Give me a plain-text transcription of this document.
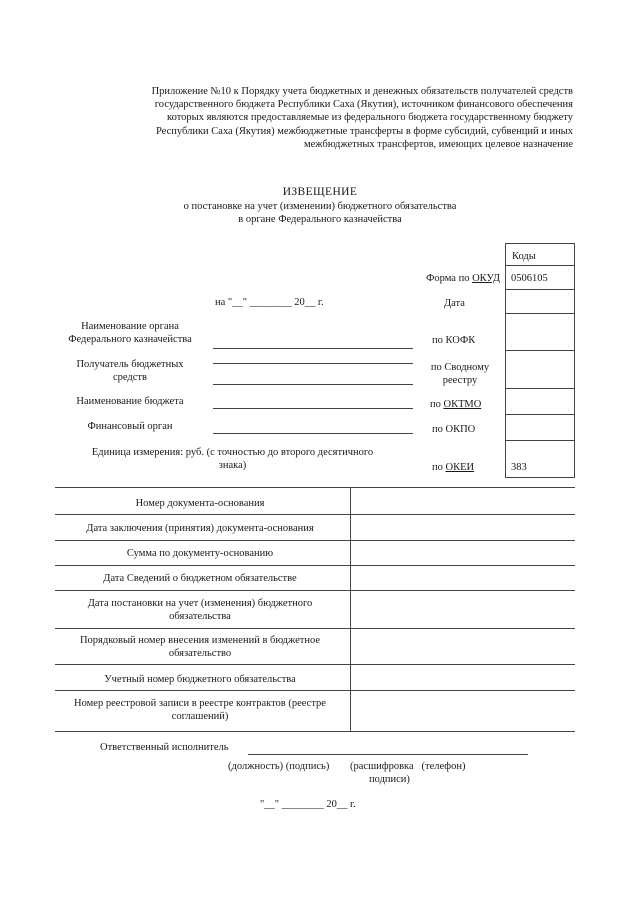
Приложение №10 к Порядку учета бюджетных и денежных обязательств получателей средств
государственного бюджета Республики Саха (Якутия), источником финансового обеспечения
которых являются предоставляемые из федерального бюджета государственному бюджету
Республики Саха (Якутия) межбюджетные трансферты в форме субсидий, субвенций и иных
межбюджетных трансфертов, имеющих целевое назначение
ИЗВЕЩЕНИЕ
о постановке на учет (изменении) бюджетного обязательства
в органе Федерального казначейства
Коды
Форма по ОКУД 0506105
на "__" ________ 20__ г.	Дата
по КОФК
по Сводному
реестру
по ОКТМО
по ОКПО
по ОКЕИ	383
Наименование органа
Федерального казначейства
Получатель бюджетных
средств
Наименование бюджета
Финансовый орган
Единица измерения: руб. (с точностью до второго десятичного
знака)
Номер документа-основания
Дата заключения (принятия) документа-основания
Сумма по документу-основанию
Дата Сведений о бюджетном обязательстве
Дата постановки на учет (изменения) бюджетного
обязательства
Порядковый номер внесения изменений в бюджетное
обязательство
Учетный номер бюджетного обязательства
Номер реестровой записи в реестре контрактов (реестре
соглашений)
Ответственный исполнитель
(должность) (подпись) (расшифровка   (телефон)
подписи)
"__" ________ 20__ г.
